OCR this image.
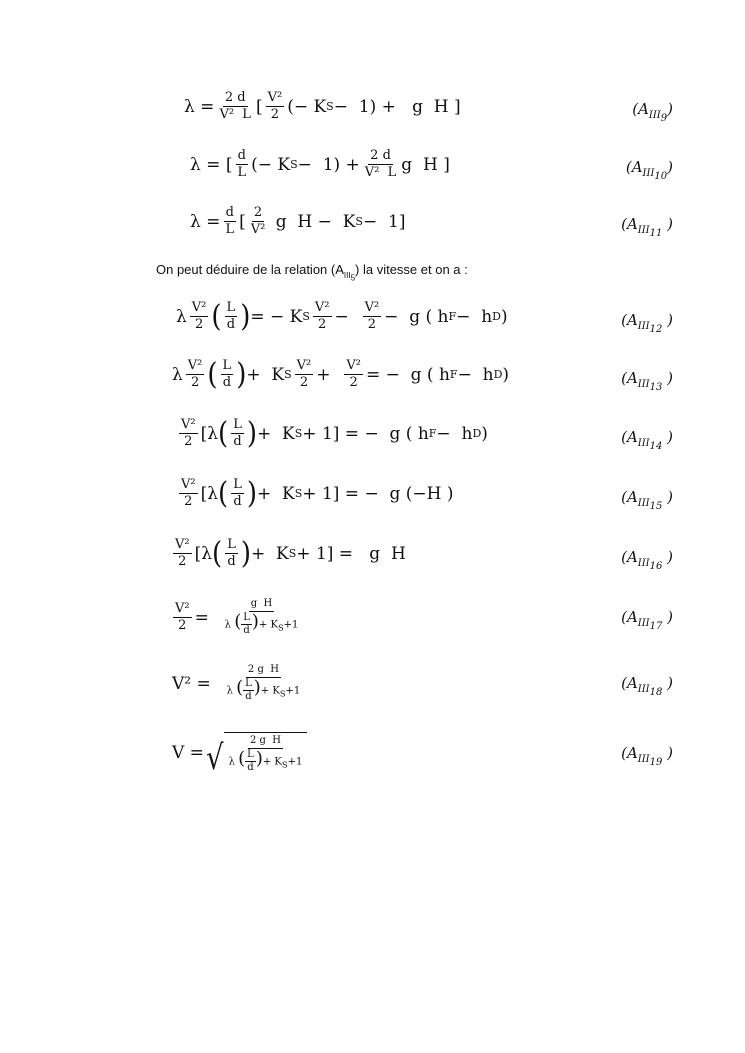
$\lambda = \frac{2 d}{\text{V²  L}}$ [ $\frac{\text{V²}}{2}$ (− K S −  1) +   g  H ]	$(A_{III_9})$
λ = [ $\frac{d}{L}$ (− K $S - 1) + \frac{2 d}{\text{V²  L}}$ g  H ]	$(A_{III_{10}})$
$\lambda = \frac{d}{L}$ [ $\frac{2}{\text{V²}}$ g  H −  K S −  1]	($A_{III_{11}}$ )
On peut déduire de la relation $(A_{III_5})$ la vitesse et on a :
λ $\frac{\text{V²}}{2}$ ( $\frac{L}{d}$ ) = − K S $\frac{\text{V²}}{2} - \frac{\text{V²}}{2} - g$ ( h F −  h D )	($A_{III_{12}}$ )
λ $\frac{\text{V²}}{2}$ ( $\frac{L}{d}$ ) +  K S $\frac{\text{V²}}{2} + \frac{\text{V²}}{2}$ = −  g ( h F −  h D )	($A_{III_{13}}$ )
$\frac{\text{V²}}{2} [\lambda$ ( $\frac{L}{d}$ ) +  K S + 1] = −  g ( h F −  h D )	($A_{III_{14}}$ )
$\frac{\text{V²}}{2} [\lambda$ ( $\frac{L}{d}$ ) +  K S + 1] = −  g (−H )	($A_{III_{15}}$ )
$\frac{\text{V²}}{2} [\lambda$ ( $\frac{L}{d}$ ) +  K S + 1] =   g  H	($A_{III_{16}}$ )
$\frac{\text{V²}}{2} = \frac{\text{g  H}}{\lambda ( \frac{L}{d} )+ K_S+1}$	($A_{III_{17}}$ )
$V^2 = \frac{\text{2 g  H}}{\lambda ( \frac{L}{d} )+ K_S+1}$	($A_{III_{18}}$ )
V = √ $\frac{\text{2 g  H}}{\lambda ( \frac{L}{d} )+ K_S+1}$	($A_{III_{19}}$ )
